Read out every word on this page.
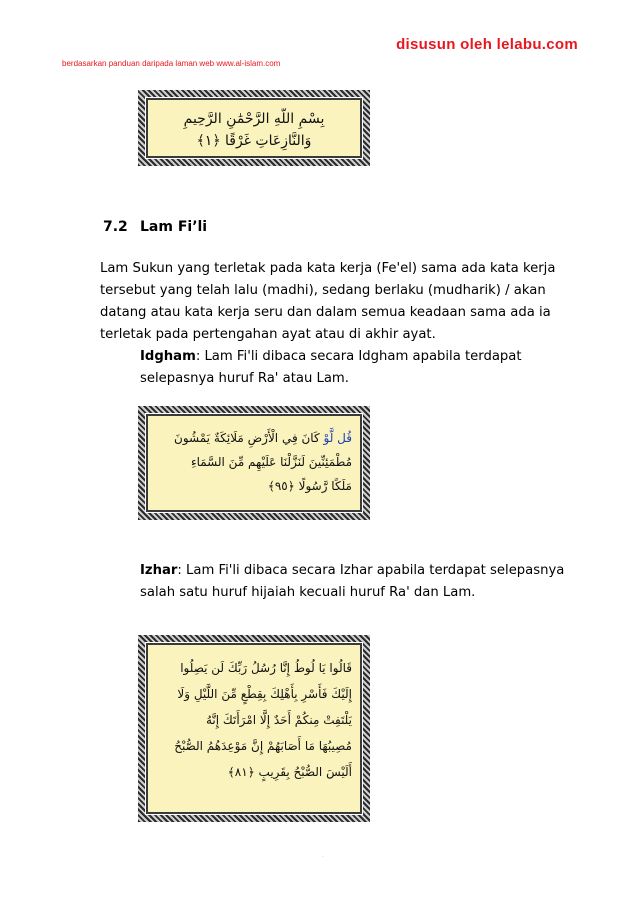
disusun oleh lelabu.com
berdasarkan panduan daripada laman web www.al-islam.com
بِسْمِ اللَّهِ الرَّحْمَٰنِ الرَّحِيمِ
وَالنَّازِعَاتِ غَرْقًا ﴿١﴾
7.2 Lam Fi’li
Lam Sukun yang terletak pada kata kerja (Fe'el) sama ada kata kerja tersebut yang telah lalu (madhi), sedang berlaku (mudharik) / akan datang atau kata kerja seru dan dalam semua keadaan sama ada ia terletak pada pertengahan ayat atau di akhir ayat.
Idgham: Lam Fi'li dibaca secara Idgham apabila terdapat selepasnya huruf Ra' atau Lam.
قُل لَّوْ كَانَ فِي الْأَرْضِ مَلَائِكَةٌ يَمْشُونَ
مُطْمَئِنِّينَ لَنَزَّلْنَا عَلَيْهِم مِّنَ السَّمَاءِ
مَلَكًا رَّسُولًا ﴿٩٥﴾
Izhar: Lam Fi'li dibaca secara Izhar apabila terdapat selepasnya salah satu huruf hijaiah kecuali huruf Ra' dan Lam.
قَالُوا يَا لُوطُ إِنَّا رُسُلُ رَبِّكَ لَن يَصِلُوا
إِلَيْكَ فَأَسْرِ بِأَهْلِكَ بِقِطْعٍ مِّنَ اللَّيْلِ وَلَا
يَلْتَفِتْ مِنكُمْ أَحَدٌ إِلَّا امْرَأَتَكَ إِنَّهُ
مُصِيبُهَا مَا أَصَابَهُمْ إِنَّ مَوْعِدَهُمُ الصُّبْحُ
أَلَيْسَ الصُّبْحُ بِقَرِيبٍ ﴿٨١﴾
.
